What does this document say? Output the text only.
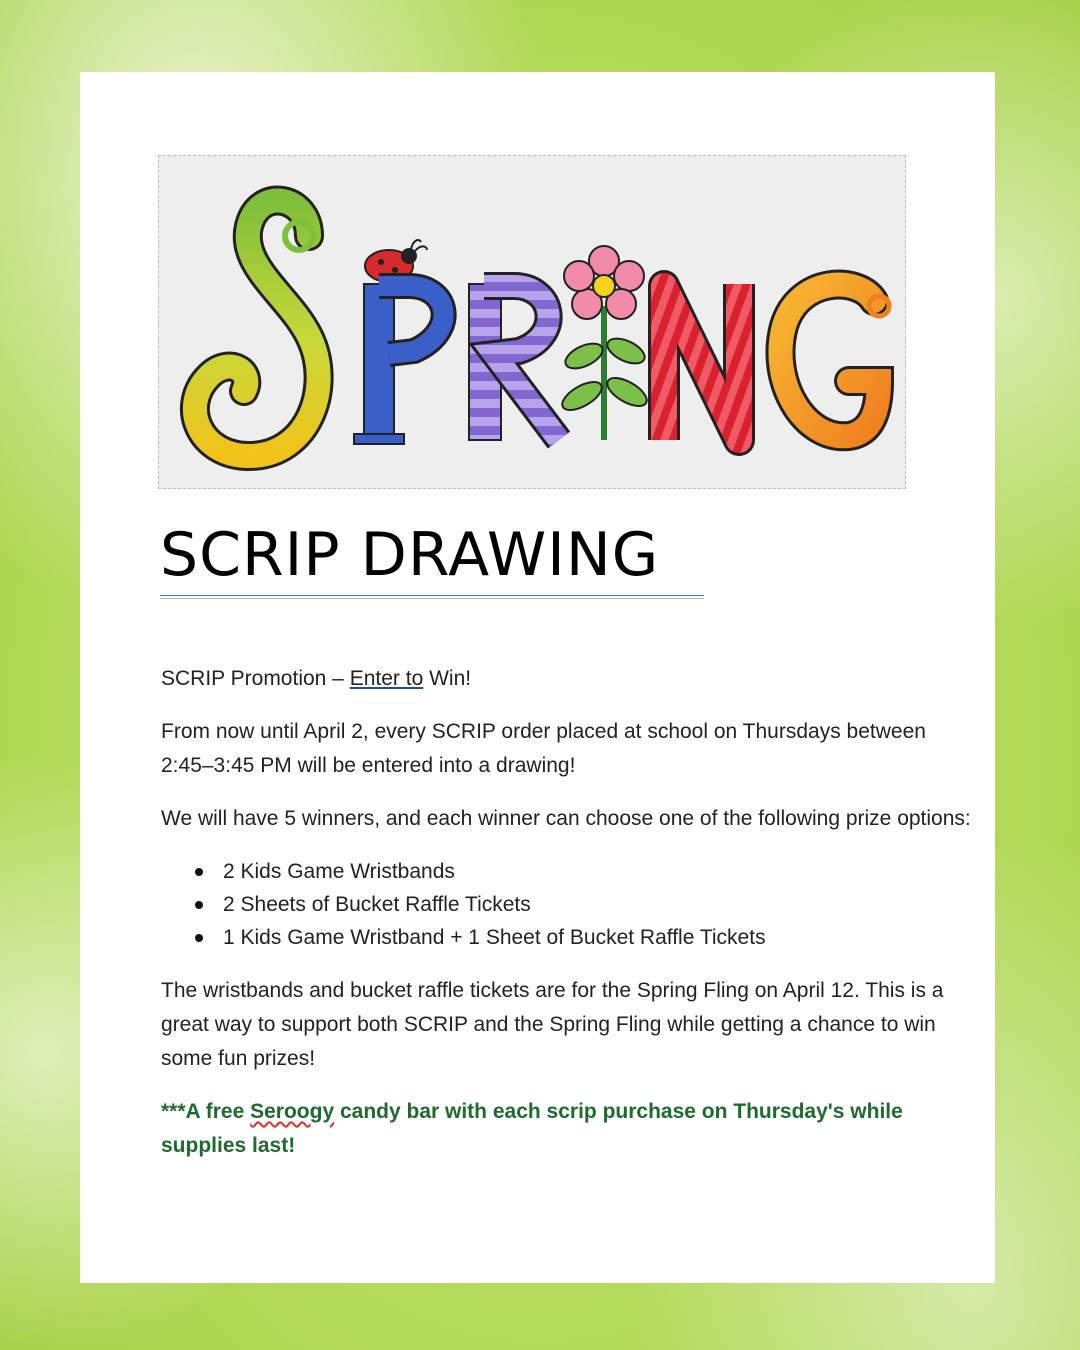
SCRIP DRAWING

SCRIP Promotion – Enter to Win!

From now until April 2, every SCRIP order placed at school on Thursdays between 2:45–3:45 PM will be entered into a drawing!

We will have 5 winners, and each winner can choose one of the following prize options:

2 Kids Game Wristbands
2 Sheets of Bucket Raffle Tickets
1 Kids Game Wristband + 1 Sheet of Bucket Raffle Tickets

The wristbands and bucket raffle tickets are for the Spring Fling on April 12. This is a great way to support both SCRIP and the Spring Fling while getting a chance to win some fun prizes!

***A free Seroogy candy bar with each scrip purchase on Thursday's while supplies last!
